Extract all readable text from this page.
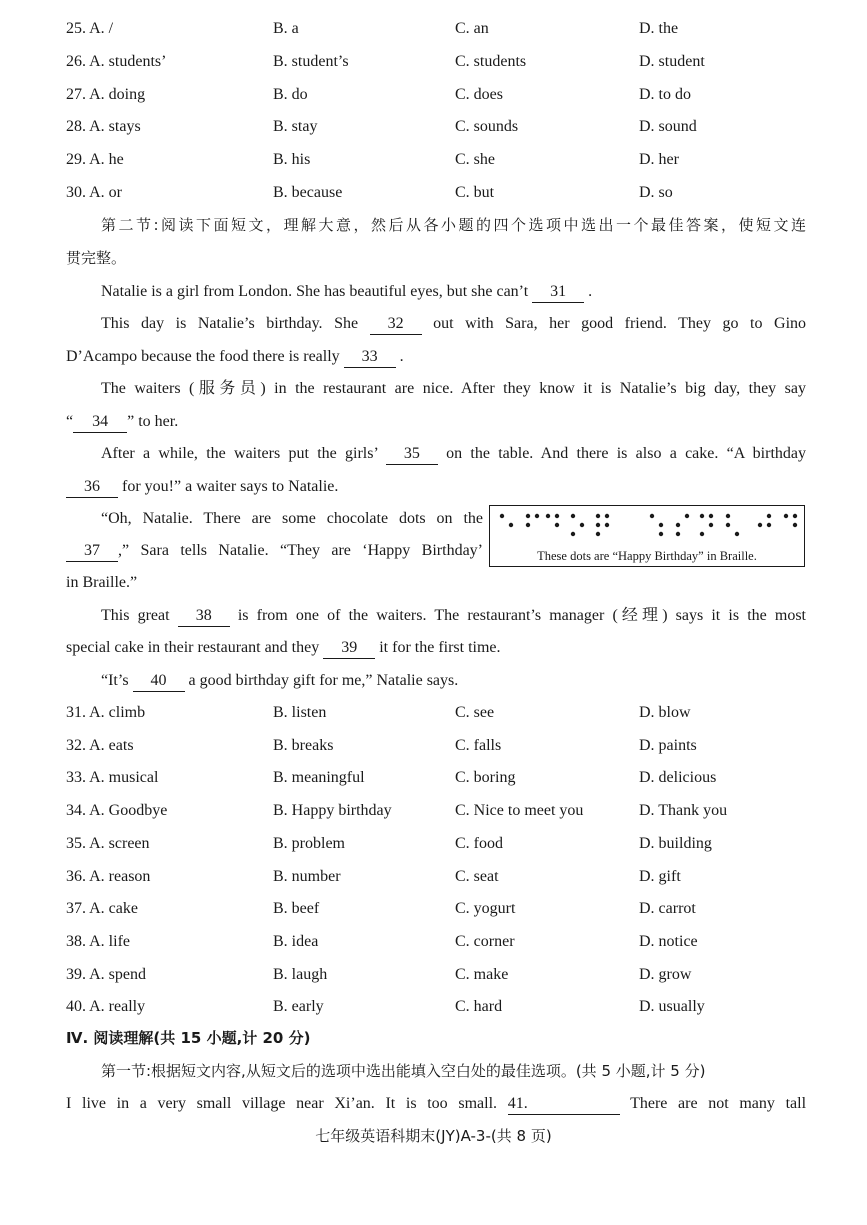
25. A. /	B. a	C. an	D. the
26. A. students’	B. student’s	C. students	D. student
27. A. doing	B. do	C. does	D. to do
28. A. stays	B. stay	C. sounds	D. sound
29. A. he	B. his	C. she	D. her
30. A. or	B. because	C. but	D. so
第二节:阅读下面短文，理解大意，然后从各小题的四个选项中选出一个最佳答案，使短文连
贯完整。
Natalie is a girl from London. She has beautiful eyes, but she can’t 31 .
This day is Natalie’s birthday. She 32 out with Sara, her good friend. They go to Gino
D’Acampo because the food there is really 33 .
The waiters (服务员) in the restaurant are nice. After they know it is Natalie’s big day, they say
“ 34 ” to her.
After a while, the waiters put the girls’ 35 on the table. And there is also a cake. “A birthday
36 for you!” a waiter says to Natalie.
“Oh, Natalie. There are some chocolate dots on the
37 ,” Sara tells Natalie. “They are ‘Happy Birthday’
in Braille.”
These dots are “Happy Birthday” in Braille.
This great 38 is from one of the waiters. The restaurant’s manager (经理) says it is the most
special cake in their restaurant and they 39 it for the first time.
“It’s 40 a good birthday gift for me,” Natalie says.
31. A. climb	B. listen	C. see	D. blow
32. A. eats	B. breaks	C. falls	D. paints
33. A. musical	B. meaningful	C. boring	D. delicious
34. A. Goodbye	B. Happy birthday	C. Nice to meet you	D. Thank you
35. A. screen	B. problem	C. food	D. building
36. A. reason	B. number	C. seat	D. gift
37. A. cake	B. beef	C. yogurt	D. carrot
38. A. life	B. idea	C. corner	D. notice
39. A. spend	B. laugh	C. make	D. grow
40. A. really	B. early	C. hard	D. usually
Ⅳ. 阅读理解(共 15 小题,计 20 分)
第一节:根据短文内容,从短文后的选项中选出能填入空白处的最佳选项。(共 5 小题,计 5 分)
I live in a very small village near Xi’an. It is too small. 41.	There are not many tall
七年级英语科期末(JY)A-3-(共 8 页)
